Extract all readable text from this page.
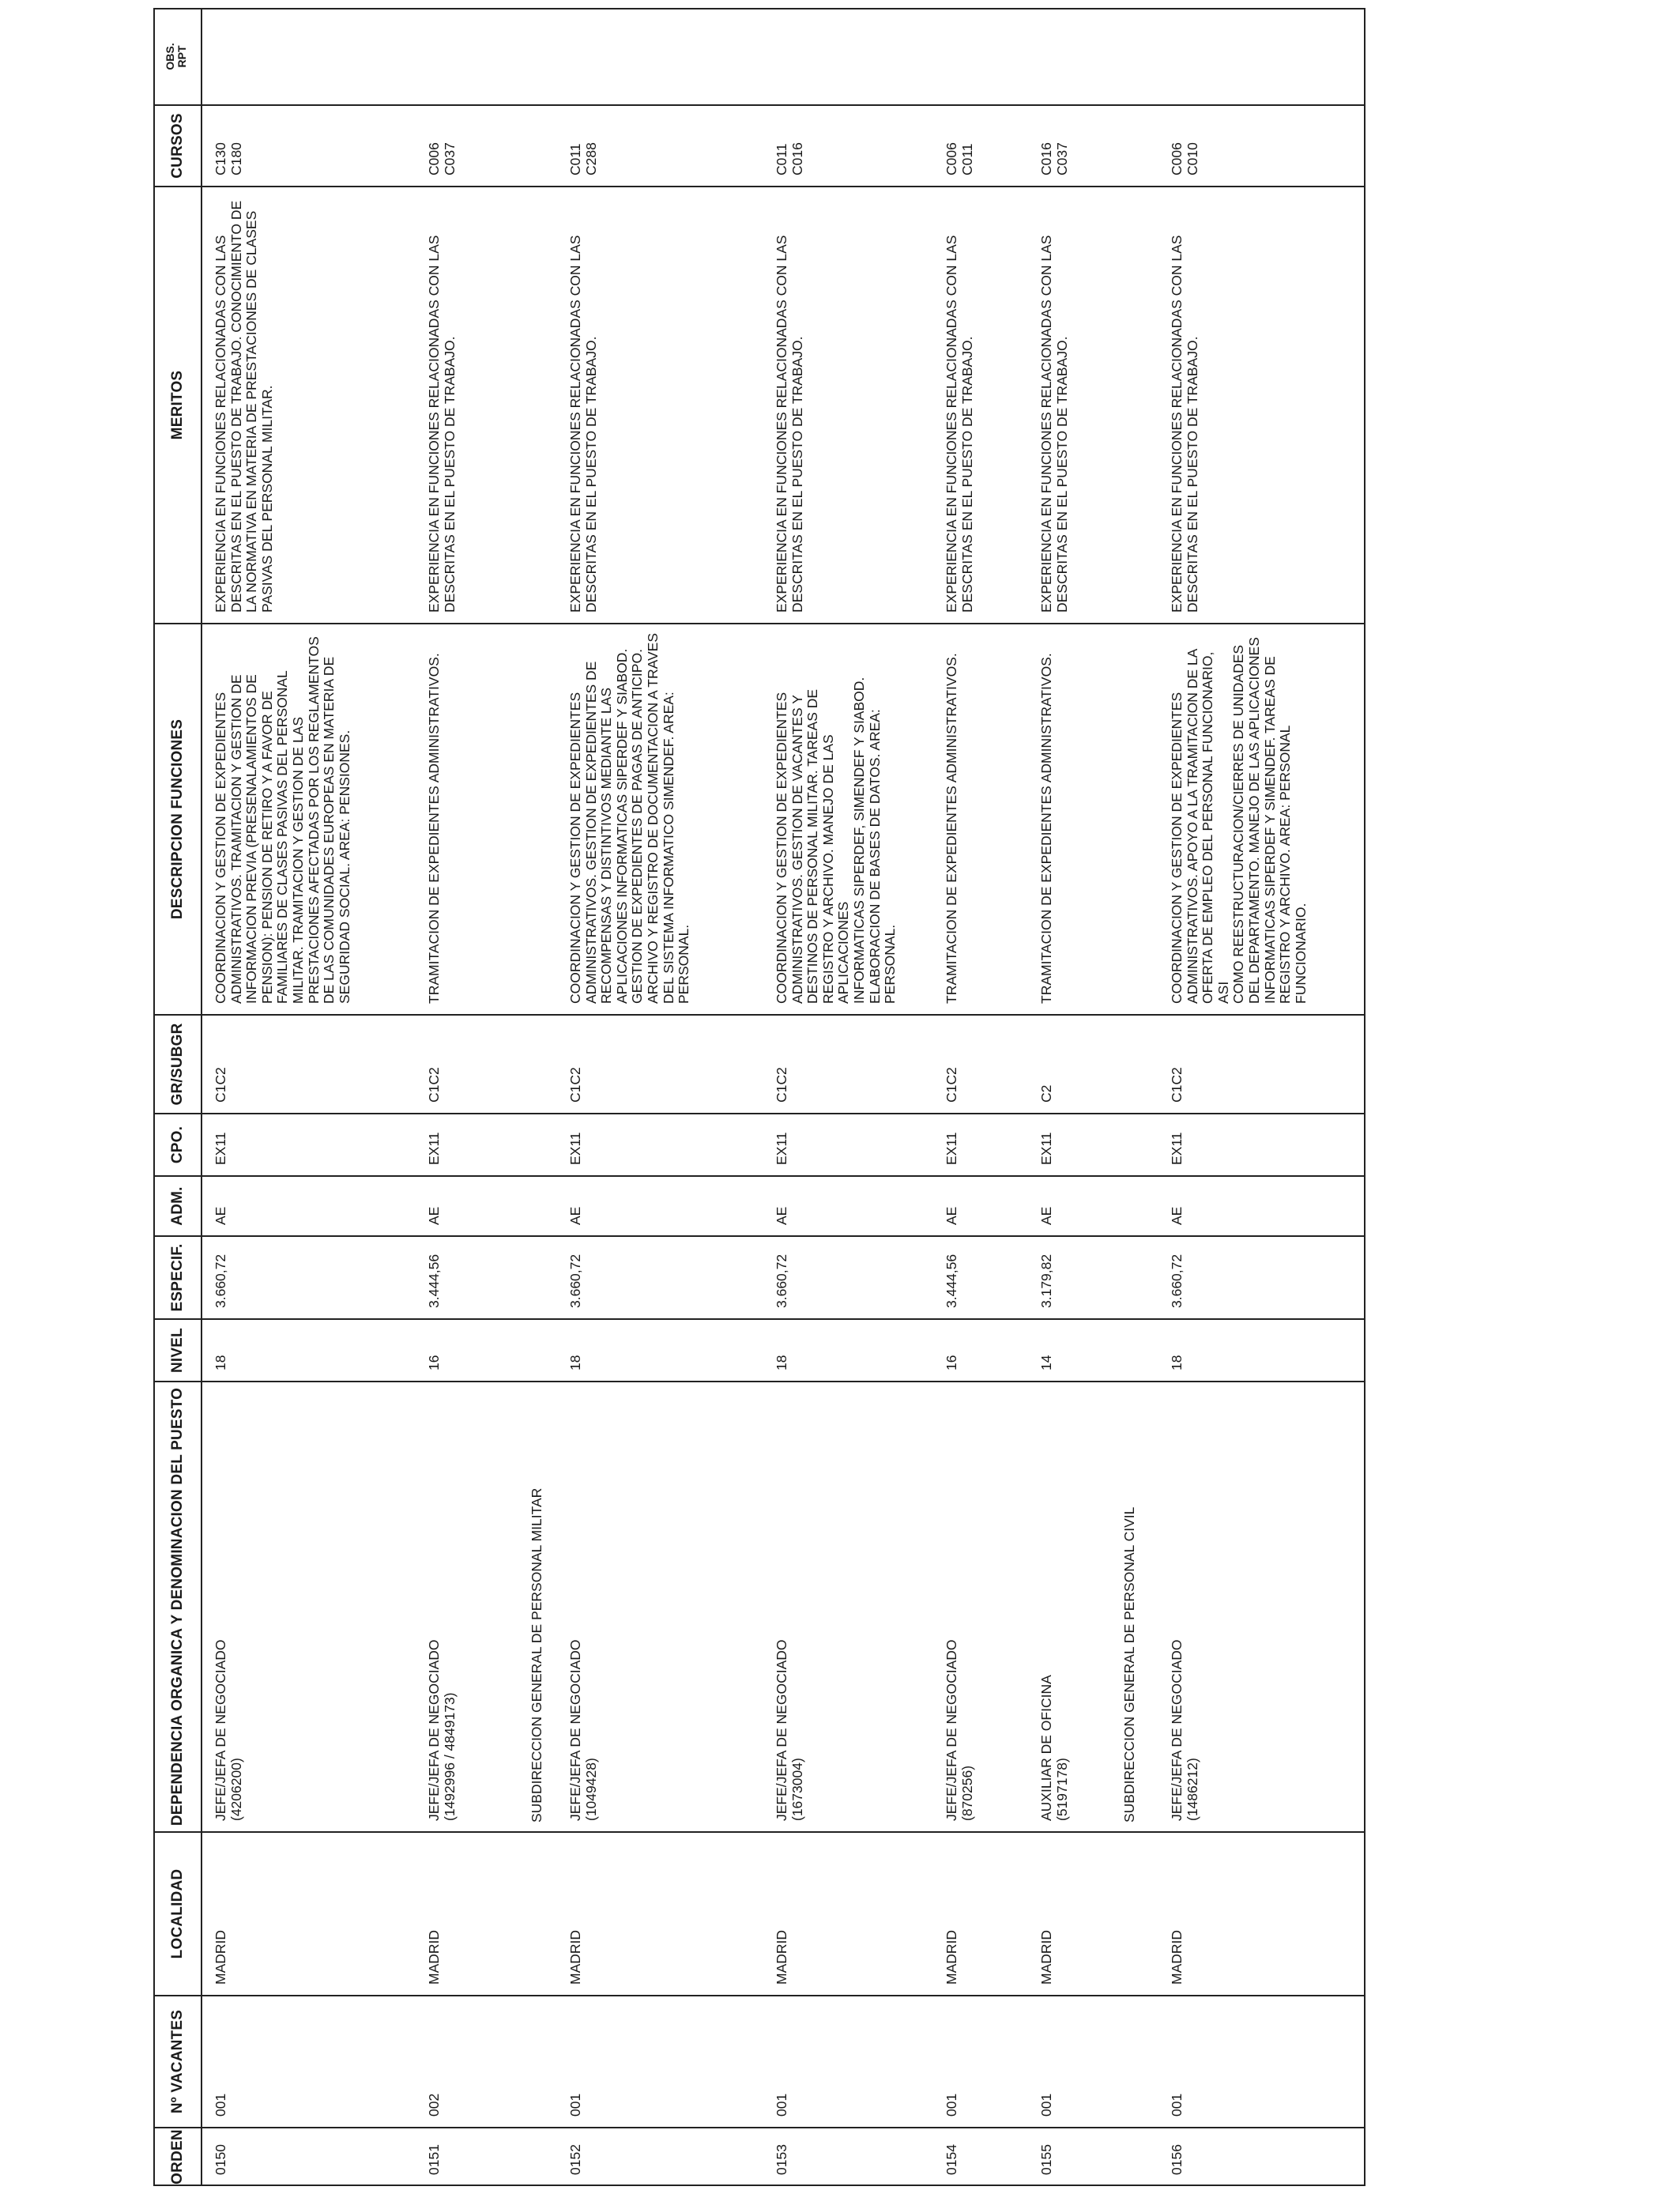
ORDEN
Nº VACANTES
LOCALIDAD
DEPENDENCIA ORGANICA Y DENOMINACION DEL PUESTO
NIVEL
ESPECIF.
ADM.
CPO.
GR/SUBGR
DESCRIPCION FUNCIONES
MERITOS
CURSOS
OBS.
RPT
SUBDIRECCION GENERAL DE PERSONAL MILITAR	SUBDIRECCION GENERAL DE PERSONAL CIVIL
0150
001
MADRID
JEFE/JEFA DE NEGOCIADO
(4206200)
18
3.660,72
AE
EX11
C1C2
COORDINACION Y GESTION DE EXPEDIENTES
ADMINISTRATIVOS. TRAMITACION Y GESTION DE
INFORMACION PREVIA (PRESENALAMIENTOS DE
PENSION): PENSION DE RETIRO Y A FAVOR DE
FAMILIARES DE CLASES PASIVAS DEL PERSONAL
MILITAR. TRAMITACION Y GESTION DE LAS
PRESTACIONES AFECTADAS POR LOS REGLAMENTOS
DE LAS COMUNIDADES EUROPEAS EN MATERIA DE
SEGURIDAD SOCIAL. AREA: PENSIONES.
EXPERIENCIA EN FUNCIONES RELACIONADAS CON LAS
DESCRITAS EN EL PUESTO DE TRABAJO. CONOCIMIENTO DE
LA NORMATIVA EN MATERIA DE PRESTACIONES DE CLASES
PASIVAS DEL PERSONAL MILITAR.
C130
C180
0151
002
MADRID
JEFE/JEFA DE NEGOCIADO
(1492996 / 4849173)
16
3.444,56
AE
EX11
C1C2
TRAMITACION DE EXPEDIENTES ADMINISTRATIVOS.
EXPERIENCIA EN FUNCIONES RELACIONADAS CON LAS
DESCRITAS EN EL PUESTO DE TRABAJO.
C006
C037
0152
001
MADRID
JEFE/JEFA DE NEGOCIADO
(1049428)
18
3.660,72
AE
EX11
C1C2
COORDINACION Y GESTION DE EXPEDIENTES
ADMINISTRATIVOS. GESTION DE EXPEDIENTES DE
RECOMPENSAS Y DISTINTIVOS MEDIANTE LAS
APLICACIONES INFORMATICAS SIPERDEF Y SIABOD.
GESTION DE EXPEDIENTES DE PAGAS DE ANTICIPO.
ARCHIVO Y REGISTRO DE DOCUMENTACION A TRAVES
DEL SISTEMA INFORMATICO SIMENDEF. AREA:
PERSONAL.
EXPERIENCIA EN FUNCIONES RELACIONADAS CON LAS
DESCRITAS EN EL PUESTO DE TRABAJO.
C011
C288
0153
001
MADRID
JEFE/JEFA DE NEGOCIADO
(1673004)
18
3.660,72
AE
EX11
C1C2
COORDINACION Y GESTION DE EXPEDIENTES
ADMINISTRATIVOS. GESTION DE VACANTES Y
DESTINOS DE PERSONAL MILITAR. TAREAS DE
REGISTRO Y ARCHIVO. MANEJO DE LAS APLICACIONES
INFORMATICAS SIPERDEF, SIMENDEF Y SIABOD.
ELABORACION DE BASES DE DATOS. AREA: PERSONAL.
EXPERIENCIA EN FUNCIONES RELACIONADAS CON LAS
DESCRITAS EN EL PUESTO DE TRABAJO.
C011
C016
0154
001
MADRID
JEFE/JEFA DE NEGOCIADO
(870256)
16
3.444,56
AE
EX11
C1C2
TRAMITACION DE EXPEDIENTES ADMINISTRATIVOS.
EXPERIENCIA EN FUNCIONES RELACIONADAS CON LAS
DESCRITAS EN EL PUESTO DE TRABAJO.
C006
C011
0155
001
MADRID
AUXILIAR DE OFICINA
(5197178)
14
3.179,82
AE
EX11
C2
TRAMITACION DE EXPEDIENTES ADMINISTRATIVOS.
EXPERIENCIA EN FUNCIONES RELACIONADAS CON LAS
DESCRITAS EN EL PUESTO DE TRABAJO.
C016
C037
0156
001
MADRID
JEFE/JEFA DE NEGOCIADO
(1486212)
18
3.660,72
AE
EX11
C1C2
COORDINACION Y GESTION DE EXPEDIENTES
ADMINISTRATIVOS. APOYO A LA TRAMITACION DE LA
OFERTA DE EMPLEO DEL PERSONAL FUNCIONARIO, ASI
COMO REESTRUCTURACION/CIERRES DE UNIDADES
DEL DEPARTAMENTO. MANEJO DE LAS APLICACIONES
INFORMATICAS SIPERDEF Y SIMENDEF. TAREAS DE
REGISTRO Y ARCHIVO. AREA: PERSONAL
FUNCIONARIO.
EXPERIENCIA EN FUNCIONES RELACIONADAS CON LAS
DESCRITAS EN EL PUESTO DE TRABAJO.
C006
C010
